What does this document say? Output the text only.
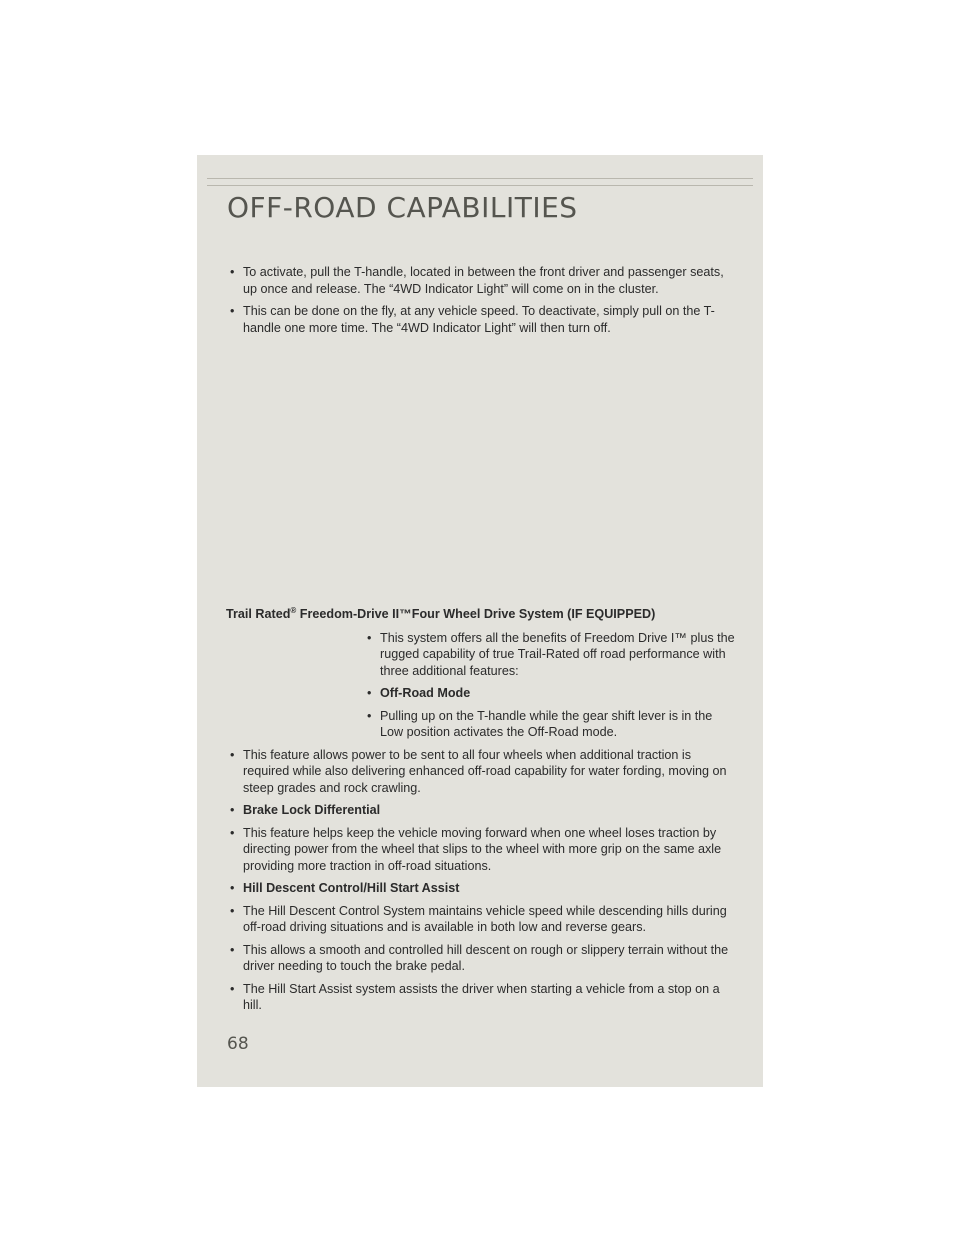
OFF-ROAD CAPABILITIES
• To activate, pull the T-handle, located in between the front driver and passenger seats, up once and release. The “4WD Indicator Light” will come on in the cluster.
• This can be done on the fly, at any vehicle speed. To deactivate, simply pull on the T-handle one more time. The “4WD Indicator Light” will then turn off.
Trail Rated® Freedom-Drive II™Four Wheel Drive System (IF EQUIPPED)
• This system offers all the benefits of Freedom Drive I™ plus the rugged capability of true Trail-Rated off road performance with three additional features:
• Off-Road Mode
• Pulling up on the T-handle while the gear shift lever is in the Low position activates the Off-Road mode.
• This feature allows power to be sent to all four wheels when additional traction is required while also delivering enhanced off-road capability for water fording, moving on steep grades and rock crawling.
• Brake Lock Differential
• This feature helps keep the vehicle moving forward when one wheel loses traction by directing power from the wheel that slips to the wheel with more grip on the same axle providing more traction in off-road situations.
• Hill Descent Control/Hill Start Assist
• The Hill Descent Control System maintains vehicle speed while descending hills during off-road driving situations and is available in both low and reverse gears.
• This allows a smooth and controlled hill descent on rough or slippery terrain without the driver needing to touch the brake pedal.
• The Hill Start Assist system assists the driver when starting a vehicle from a stop on a hill.
68
